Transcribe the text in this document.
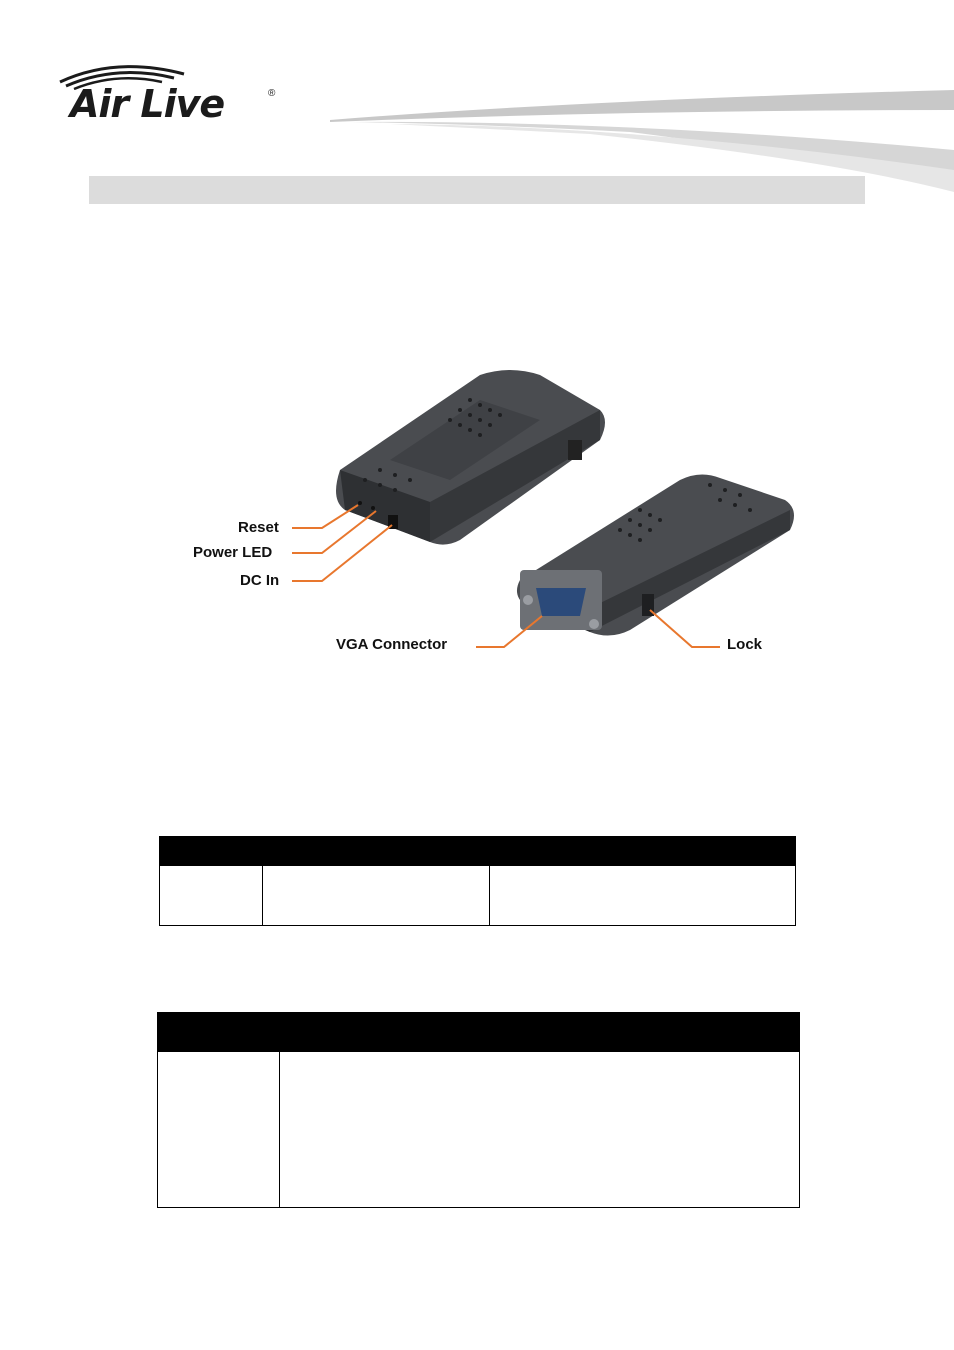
Air Live	®
Reset
Power LED
DC In
VGA Connector	Lock
